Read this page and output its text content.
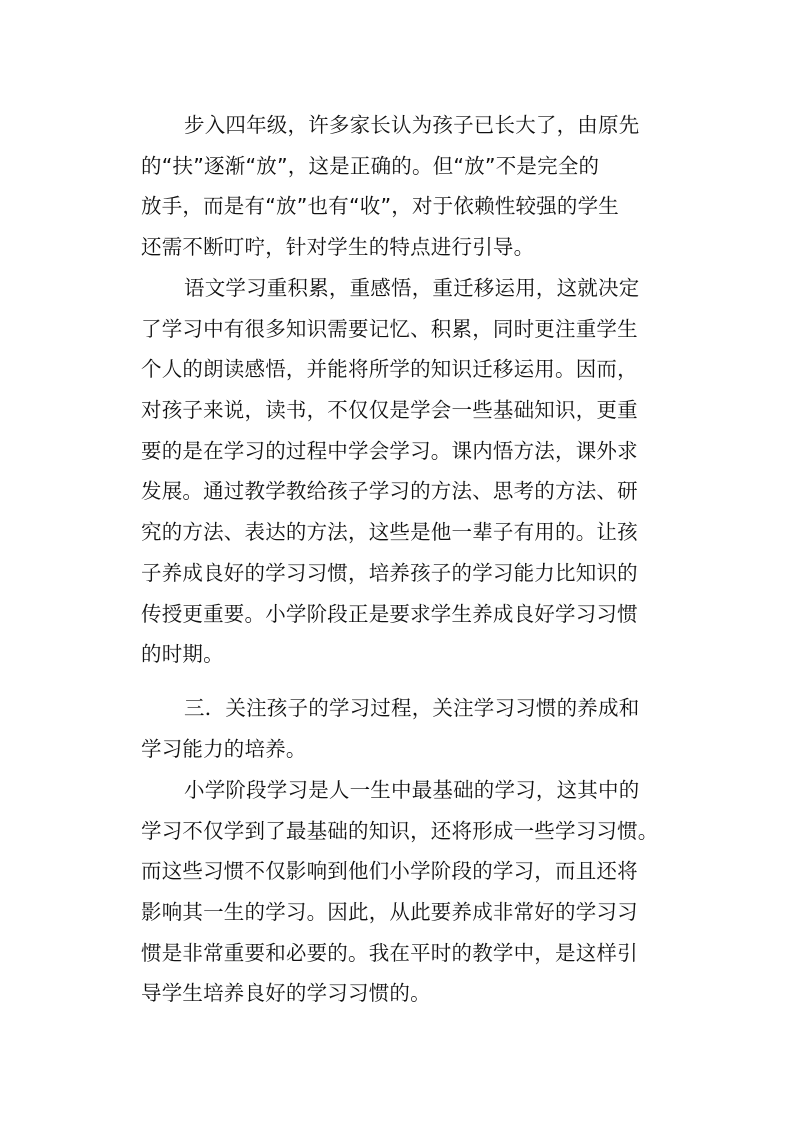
步入四年级，许多家长认为孩子已长大了，由原先
的“扶”逐渐“放”，这是正确的。但“放”不是完全的
放手，而是有“放”也有“收”，对于依赖性较强的学生
还需不断叮咛，针对学生的特点进行引导。
语文学习重积累，重感悟，重迁移运用，这就决定
了学习中有很多知识需要记忆、积累，同时更注重学生
个人的朗读感悟，并能将所学的知识迁移运用。因而，
对孩子来说，读书，不仅仅是学会一些基础知识，更重
要的是在学习的过程中学会学习。课内悟方法，课外求
发展。通过教学教给孩子学习的方法、思考的方法、研
究的方法、表达的方法，这些是他一辈子有用的。让孩
子养成良好的学习习惯，培养孩子的学习能力比知识的
传授更重要。小学阶段正是要求学生养成良好学习习惯
的时期。
三．关注孩子的学习过程，关注学习习惯的养成和
学习能力的培养。
小学阶段学习是人一生中最基础的学习，这其中的
学习不仅学到了最基础的知识，还将形成一些学习习惯。
而这些习惯不仅影响到他们小学阶段的学习，而且还将
影响其一生的学习。因此，从此要养成非常好的学习习
惯是非常重要和必要的。我在平时的教学中，是这样引
导学生培养良好的学习习惯的。
